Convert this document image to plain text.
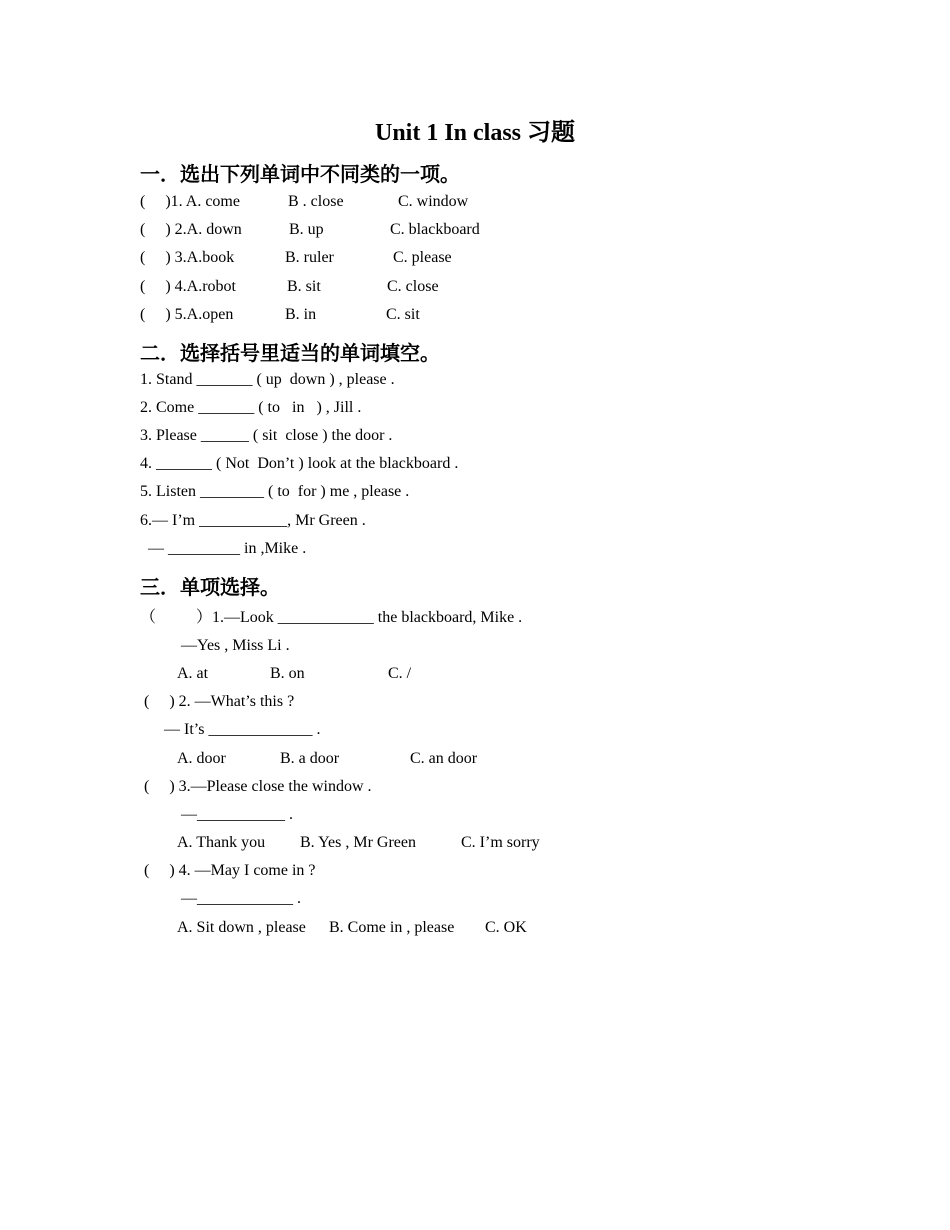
Unit 1 In class 习题
一．选出下列单词中不同类的一项。
(     )1. A. come	B . close	C. window
(     ) 2.A. down	B. up	C. blackboard
(     ) 3.A.book	B. ruler	C. please
(     ) 4.A.robot	B. sit	C. close
(     ) 5.A.open	B. in	C. sit
二．选择括号里适当的单词填空。
1. Stand _______ ( up  down ) , please .
2. Come _______ ( to   in   ) , Jill .
3. Please ______ ( sit  close ) the door .
4. _______ ( Not  Don’t ) look at the blackboard .
5. Listen ________ ( to  for ) me , please .
6.— I’m ___________, Mr Green .
— _________ in ,Mike .
三．单项选择。
（          ）1.—Look ____________ the blackboard, Mike .
—Yes , Miss Li .
A. at	B. on	C. /
(     ) 2. —What’s this ?
— It’s _____________ .
A. door	B. a door	C. an door
(     ) 3.—Please close the window .
—___________ .
A. Thank you B. Yes , Mr Green	C. I’m sorry
(     ) 4. —May I come in ?
—____________ .
A. Sit down , please B. Come in , please C. OK
